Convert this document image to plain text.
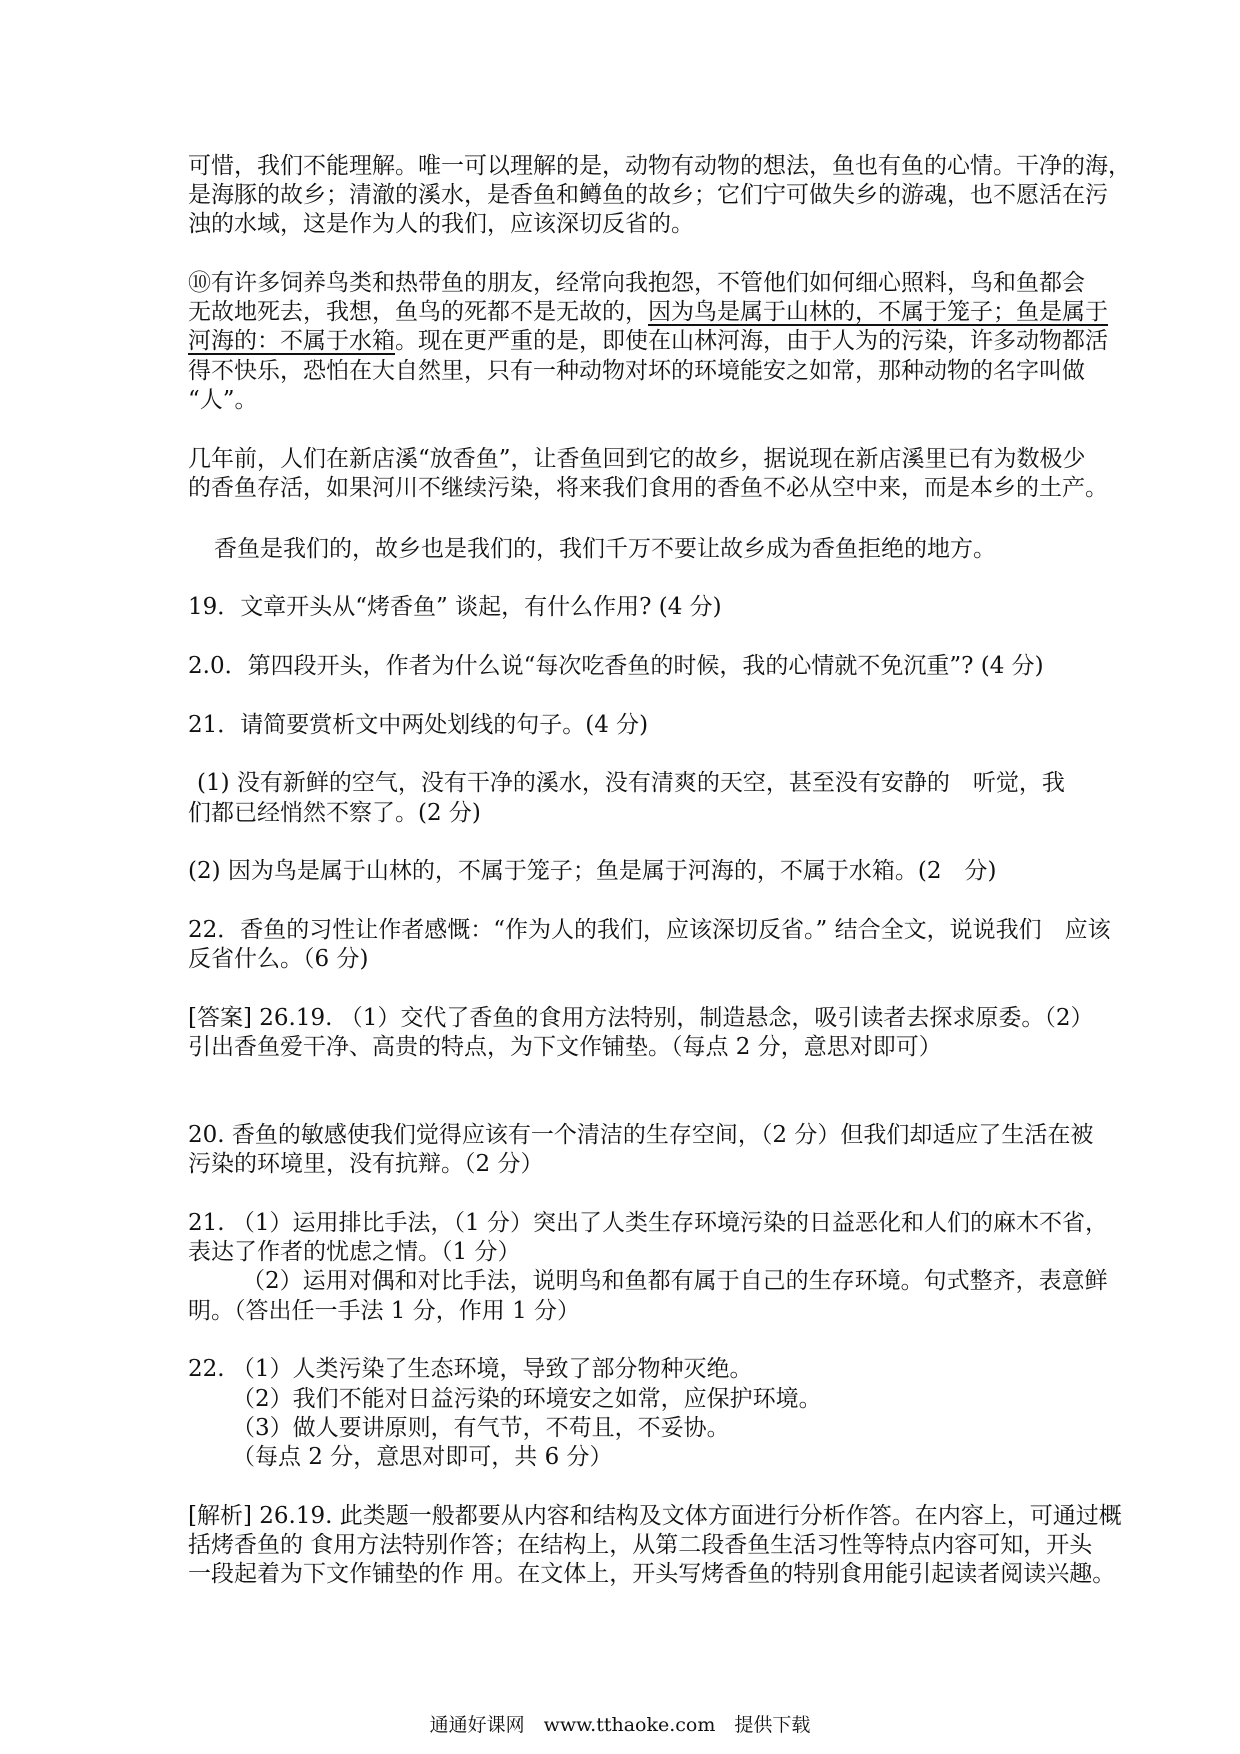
可惜，我们不能理解。唯一可以理解的是，动物有动物的想法，鱼也有鱼的心情。干净的海，
是海豚的故乡；清澈的溪水，是香鱼和鳟鱼的故乡；它们宁可做失乡的游魂，也不愿活在污
浊的水域，这是作为人的我们，应该深切反省的。
⑩有许多饲养鸟类和热带鱼的朋友，经常向我抱怨，不管他们如何细心照料，鸟和鱼都会
无故地死去，我想，鱼鸟的死都不是无故的，因为鸟是属于山林的，不属于笼子；鱼是属于
河海的：不属于水箱。现在更严重的是，即使在山林河海，由于人为的污染，许多动物都活
得不快乐，恐怕在大自然里，只有一种动物对坏的环境能安之如常，那种动物的名字叫做
“人”。
几年前，人们在新店溪“放香鱼”，让香鱼回到它的故乡，据说现在新店溪里已有为数极少
的香鱼存活，如果河川不继续污染，将来我们食用的香鱼不必从空中来，而是本乡的土产。
香鱼是我们的，故乡也是我们的，我们千万不要让故乡成为香鱼拒绝的地方。
19．文章开头从“烤香鱼” 谈起，有什么作用? (4 分)
2.0．第四段开头，作者为什么说“每次吃香鱼的时候，我的心情就不免沉重”? (4 分)
21．请简要赏析文中两处划线的句子。(4 分)
(1) 没有新鲜的空气，没有干净的溪水，没有清爽的天空，甚至没有安静的　听觉，我
们都已经悄然不察了。(2 分)
(2) 因为鸟是属于山林的，不属于笼子；鱼是属于河海的，不属于水箱。(2　分)
22．香鱼的习性让作者感慨：“作为人的我们，应该深切反省。” 结合全文，说说我们　应该
反省什么。（6 分)
[答案] 26.19. （1）交代了香鱼的食用方法特别，制造悬念，吸引读者去探求原委。（2）
引出香鱼爱干净、高贵的特点，为下文作铺垫。（每点 2 分，意思对即可）
20. 香鱼的敏感使我们觉得应该有一个清洁的生存空间，（2 分）但我们却适应了生活在被
污染的环境里，没有抗辩。（2 分）
21. （1）运用排比手法，（1 分）突出了人类生存环境污染的日益恶化和人们的麻木不省，
表达了作者的忧虑之情。（1 分）
（2）运用对偶和对比手法，说明鸟和鱼都有属于自己的生存环境。句式整齐，表意鲜
明。（答出任一手法 1 分，作用 1 分）
22. （1）人类污染了生态环境，导致了部分物种灭绝。
（2）我们不能对日益污染的环境安之如常，应保护环境。
（3）做人要讲原则，有气节，不苟且，不妥协。
（每点 2 分，意思对即可，共 6 分）
[解析] 26.19. 此类题一般都要从内容和结构及文体方面进行分析作答。在内容上，可通过概
括烤香鱼的 食用方法特别作答；在结构上，从第二段香鱼生活习性等特点内容可知，开头
一段起着为下文作铺垫的作 用。在文体上，开头写烤香鱼的特别食用能引起读者阅读兴趣。
通通好课网　www.tthaoke.com　提供下载
